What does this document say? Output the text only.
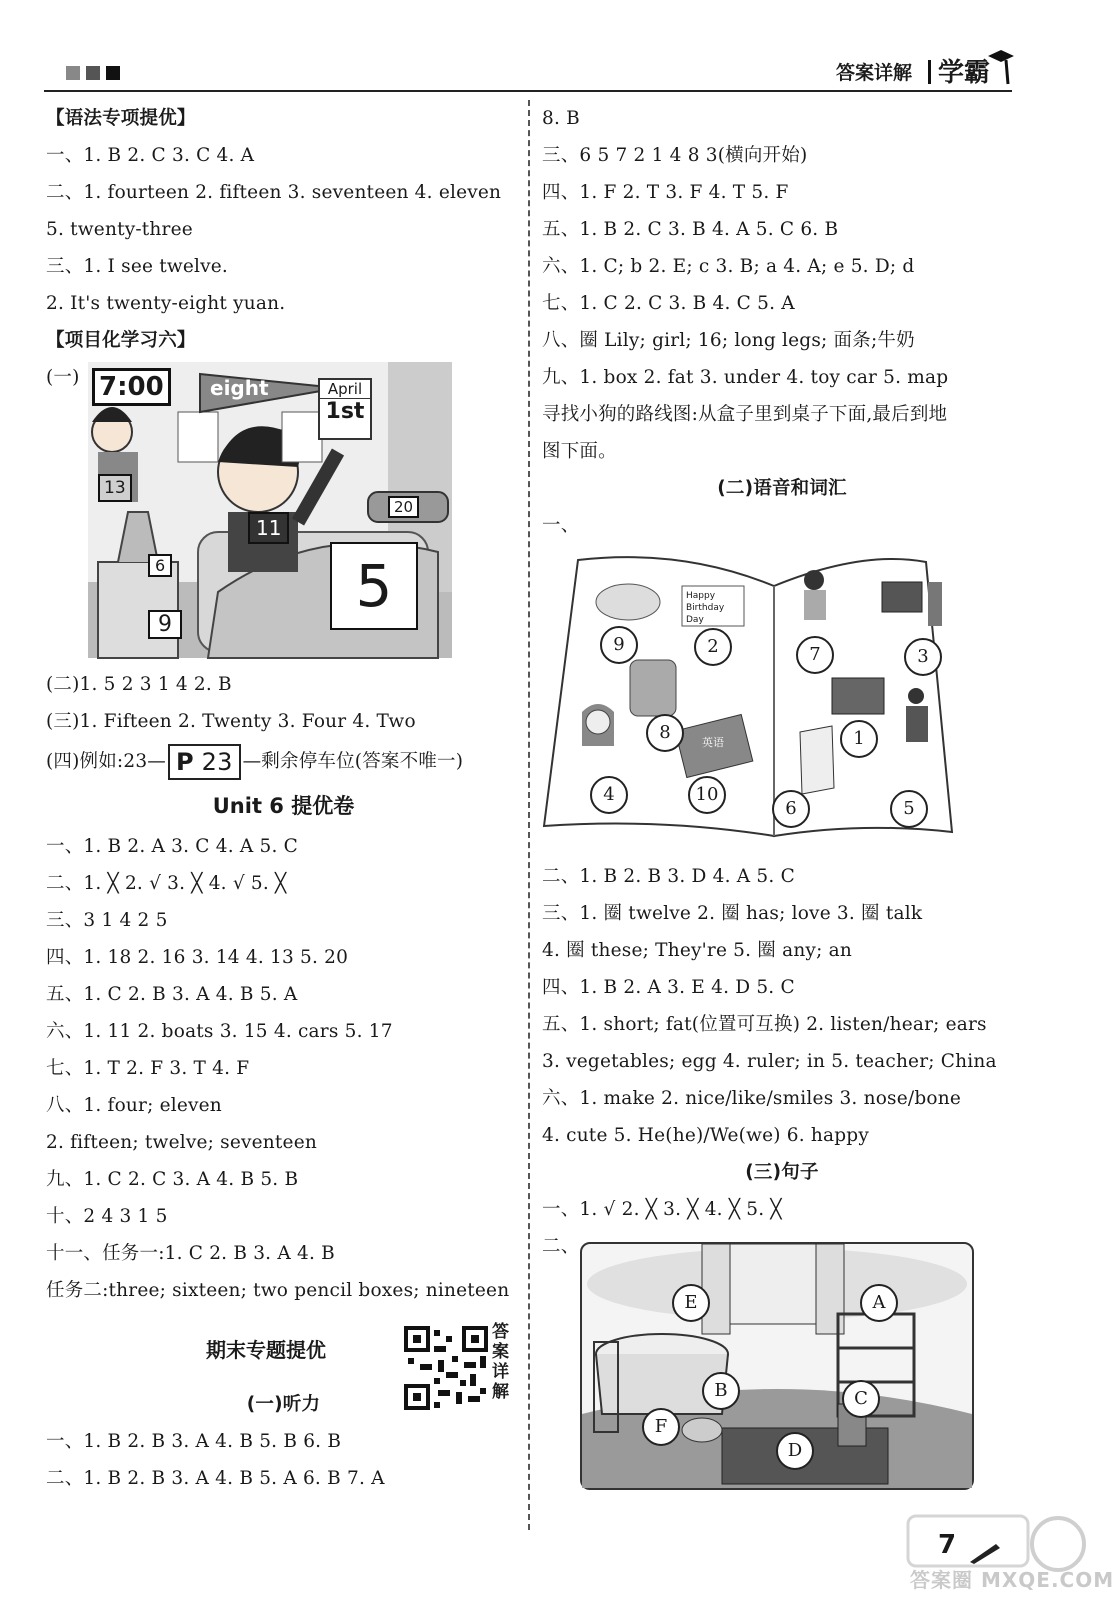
答案详解 学霸
【语法专项提优】
一、1. B 2. C 3. C 4. A
二、1. fourteen 2. fifteen 3. seventeen 4. eleven
5. twenty-three
三、1. I see twelve.
2. It's twenty-eight yuan.
【项目化学习六】
(一) 7:00	eight	April
1st
13
11
6
9
20
5
(二)1. 5 2 3 1 4 2. B
(三)1. Fifteen 2. Twenty 3. Four 4. Two
(四)例如:23— P 23 —剩余停车位(答案不唯一)
Unit 6 提优卷
一、1. B 2. A 3. C 4. A 5. C
二、1. ╳ 2. √ 3. ╳ 4. √ 5. ╳
三、3 1 4 2 5
四、1. 18 2. 16 3. 14 4. 13 5. 20
五、1. C 2. B 3. A 4. B 5. A
六、1. 11 2. boats 3. 15 4. cars 5. 17
七、1. T 2. F 3. T 4. F
八、1. four; eleven
2. fifteen; twelve; seventeen
九、1. C 2. C 3. A 4. B 5. B
十、2 4 3 1 5
十一、任务一:1. C 2. B 3. A 4. B
任务二:three; sixteen; two pencil boxes; nineteen
期末专题提优
答案详解
(一)听力
一、1. B 2. B 3. A 4. B 5. B 6. B
二、1. B 2. B 3. A 4. B 5. A 6. B 7. A
8. B
三、6 5 7 2 1 4 8 3(横向开始)
四、1. F 2. T 3. F 4. T 5. F
五、1. B 2. C 3. B 4. A 5. C 6. B
六、1. C; b 2. E; c 3. B; a 4. A; e 5. D; d
七、1. C 2. C 3. B 4. C 5. A
八、圈 Lily; girl; 16; long legs; 面条;牛奶
九、1. box 2. fat 3. under 4. toy car 5. map
寻找小狗的路线图:从盒子里到桌子下面,最后到地
图下面。
(二)语音和词汇
一、
Happy Birthday Day
英语
9	2	7	3
8	1
4	10
6	5
二、1. B 2. B 3. D 4. A 5. C
三、1. 圈 twelve 2. 圈 has; love 3. 圈 talk
4. 圈 these; They're 5. 圈 any; an
四、1. B 2. A 3. E 4. D 5. C
五、1. short; fat(位置可互换) 2. listen/hear; ears
3. vegetables; egg 4. ruler; in 5. teacher; China
六、1. make 2. nice/like/smiles 3. nose/bone
4. cute 5. He(he)/We(we) 6. happy
(三)句子
一、1. √ 2. ╳ 3. ╳ 4. ╳ 5. ╳
二、
E	A
B	C
F
D
7
答案圈 MXQE.COM
